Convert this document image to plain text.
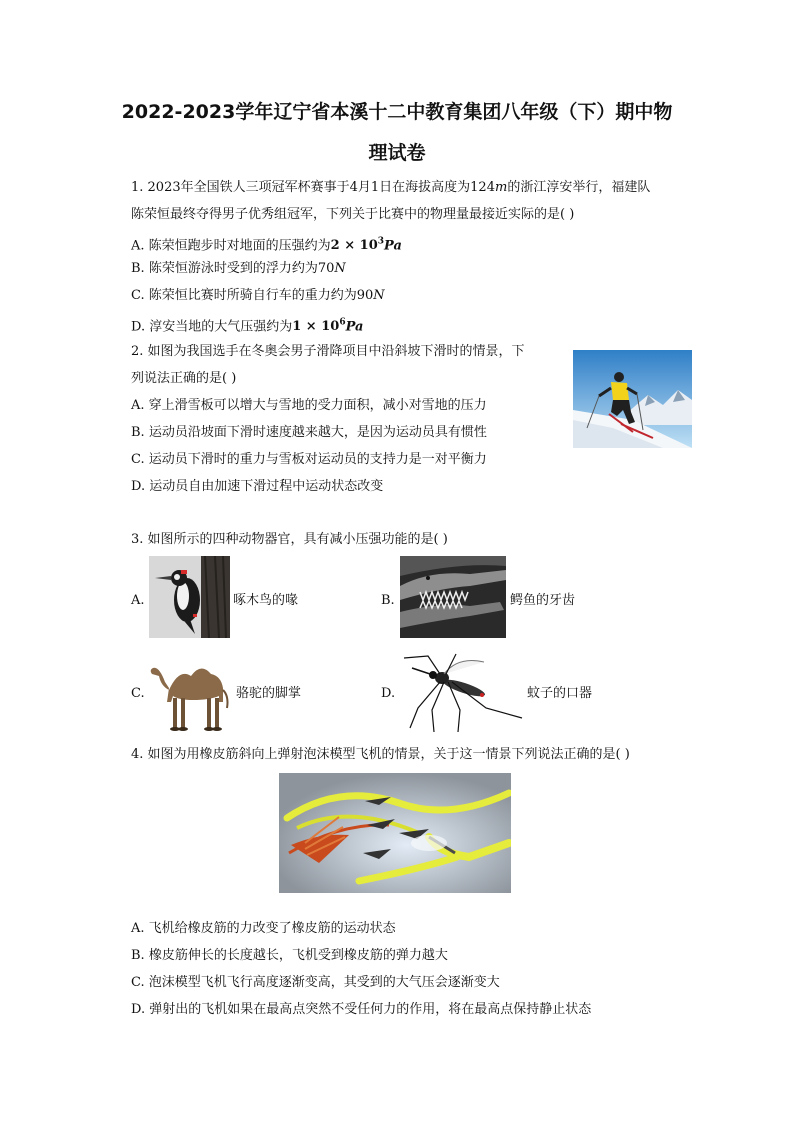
2022-2023学年辽宁省本溪十二中教育集团八年级（下）期中物
理试卷
1. 2023年全国铁人三项冠军杯赛事于4月1日在海拔高度为124m的浙江淳安举行，福建队
陈荣恒最终夺得男子优秀组冠军，下列关于比赛中的物理量最接近实际的是( )
A. 陈荣恒跑步时对地面的压强约为$2 \times 10^3Pa$
B. 陈荣恒游泳时受到的浮力约为70N
C. 陈荣恒比赛时所骑自行车的重力约为90N
D. 淳安当地的大气压强约为$1 \times 10^6Pa$
2. 如图为我国选手在冬奥会男子滑降项目中沿斜坡下滑时的情景，下
列说法正确的是( )
A. 穿上滑雪板可以增大与雪地的受力面积，减小对雪地的压力
B. 运动员沿坡面下滑时速度越来越大，是因为运动员具有惯性
C. 运动员下滑时的重力与雪板对运动员的支持力是一对平衡力
D. 运动员自由加速下滑过程中运动状态改变
3. 如图所示的四种动物器官，具有减小压强功能的是( )
A.	啄木鸟的喙	B.	鳄鱼的牙齿
C.	骆驼的脚掌	D.	蚊子的口器
4. 如图为用橡皮筋斜向上弹射泡沫模型飞机的情景，关于这一情景下列说法正确的是( )
A. 飞机给橡皮筋的力改变了橡皮筋的运动状态
B. 橡皮筋伸长的长度越长，飞机受到橡皮筋的弹力越大
C. 泡沫模型飞机飞行高度逐渐变高，其受到的大气压会逐渐变大
D. 弹射出的飞机如果在最高点突然不受任何力的作用，将在最高点保持静止状态
